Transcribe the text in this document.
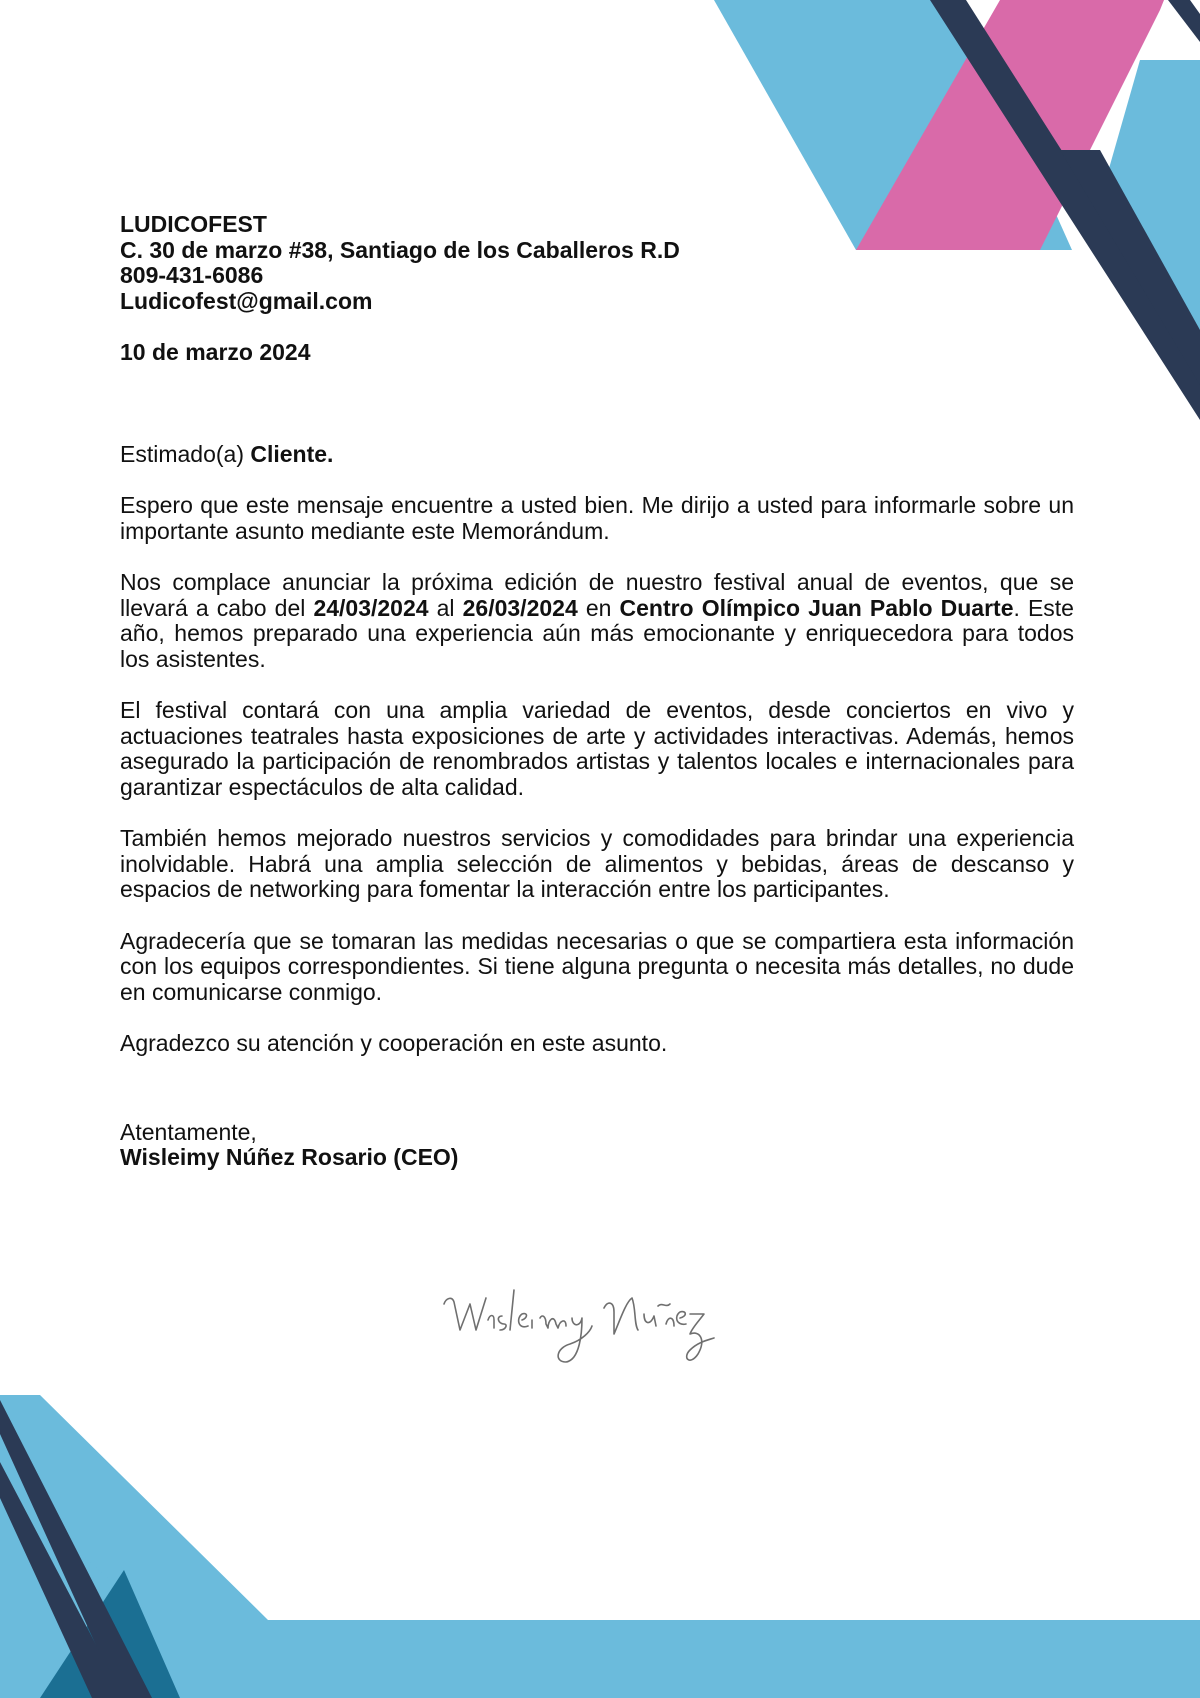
LUDICOFEST

C. 30 de marzo #38, Santiago de los Caballeros R.D

809-431-6086

Ludicofest@gmail.com

10 de marzo 2024

Estimado(a) Cliente.

Espero que este mensaje encuentre a usted bien. Me dirijo a usted para informarle sobre un importante asunto mediante este Memorándum.

Nos complace anunciar la próxima edición de nuestro festival anual de eventos, que se llevará a cabo del 24/03/2024 al 26/03/2024 en Centro Olímpico Juan Pablo Duarte. Este año, hemos preparado una experiencia aún más emocionante y enriquecedora para todos los asistentes.

El festival contará con una amplia variedad de eventos, desde conciertos en vivo y actuaciones teatrales hasta exposiciones de arte y actividades interactivas. Además, hemos asegurado la participación de renombrados artistas y talentos locales e internacionales para garantizar espectáculos de alta calidad.

También hemos mejorado nuestros servicios y comodidades para brindar una experiencia inolvidable. Habrá una amplia selección de alimentos y bebidas, áreas de descanso y espacios de networking para fomentar la interacción entre los participantes.

Agradecería que se tomaran las medidas necesarias o que se compartiera esta información con los equipos correspondientes. Si tiene alguna pregunta o necesita más detalles, no dude en comunicarse conmigo.

Agradezco su atención y cooperación en este asunto.

Atentamente,

Wisleimy Núñez Rosario (CEO)

Wisleimy Núñez
